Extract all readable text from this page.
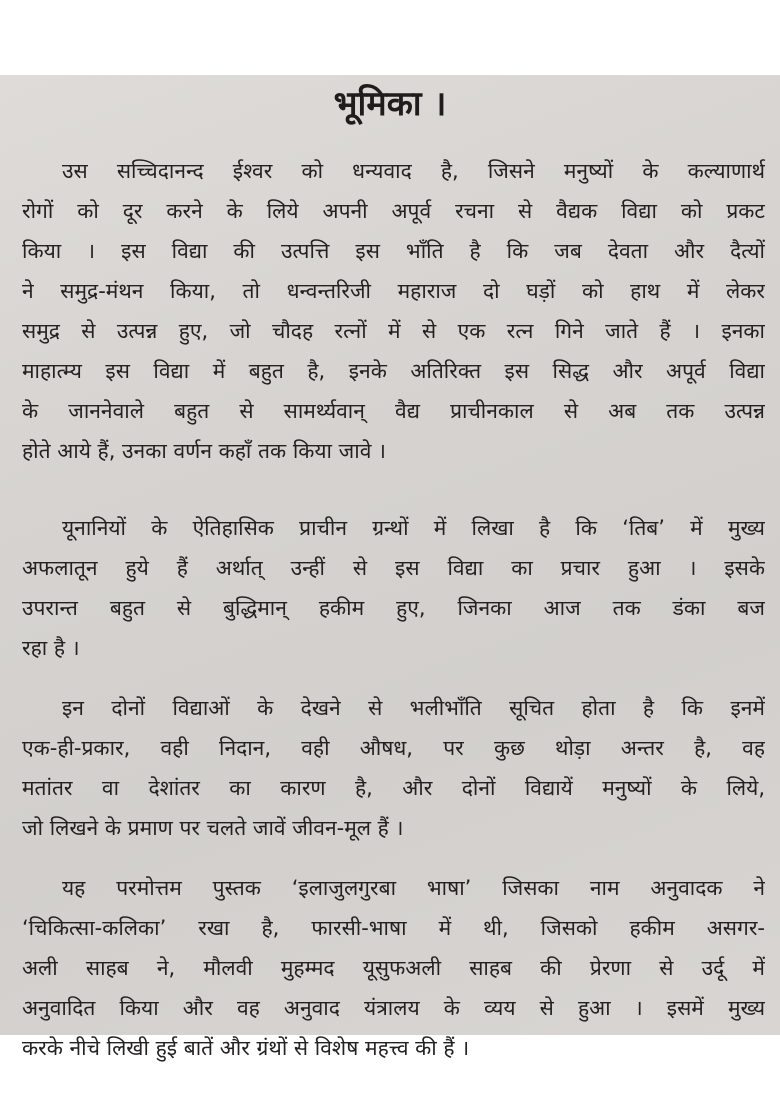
भूमिका ।
उस सच्चिदानन्द ईश्वर को धन्यवाद है, जिसने मनुष्यों के कल्याणार्थ
रोगों को दूर करने के लिये अपनी अपूर्व रचना से वैद्यक विद्या को प्रकट
किया । इस विद्या की उत्पत्ति इस भाँति है कि जब देवता और दैत्यों
ने समुद्र-मंथन किया, तो धन्वन्तरिजी महाराज दो घड़ों को हाथ में लेकर
समुद्र से उत्पन्न हुए, जो चौदह रत्नों में से एक रत्न गिने जाते हैं । इनका
माहात्म्य इस विद्या में बहुत है, इनके अतिरिक्त इस सिद्ध और अपूर्व विद्या
के जाननेवाले बहुत से सामर्थ्यवान् वैद्य प्राचीनकाल से अब तक उत्पन्न
होते आये हैं, उनका वर्णन कहाँ तक किया जावे ।
यूनानियों के ऐतिहासिक प्राचीन ग्रन्थों में लिखा है कि ‘तिब’ में मुख्य
अफलातून हुये हैं अर्थात् उन्हीं से इस विद्या का प्रचार हुआ । इसके
उपरान्त बहुत से बुद्धिमान् हकीम हुए, जिनका आज तक डंका बज
रहा है ।
इन दोनों विद्याओं के देखने से भलीभाँति सूचित होता है कि इनमें
एक-ही-प्रकार, वही निदान, वही औषध, पर कुछ थोड़ा अन्तर है, वह
मतांतर वा देशांतर का कारण है, और दोनों विद्यायें मनुष्यों के लिये,
जो लिखने के प्रमाण पर चलते जावें जीवन-मूल हैं ।
यह परमोत्तम पुस्तक ‘इलाजुलगुरबा भाषा’ जिसका नाम अनुवादक ने
‘चिकित्सा-कलिका’ रखा है, फारसी-भाषा में थी, जिसको हकीम असगर-
अली साहब ने, मौलवी मुहम्मद यूसुफअली साहब की प्रेरणा से उर्दू में
अनुवादित किया और वह अनुवाद यंत्रालय के व्यय से हुआ । इसमें मुख्य
करके नीचे लिखी हुई बातें और ग्रंथों से विशेष महत्त्व की हैं ।
